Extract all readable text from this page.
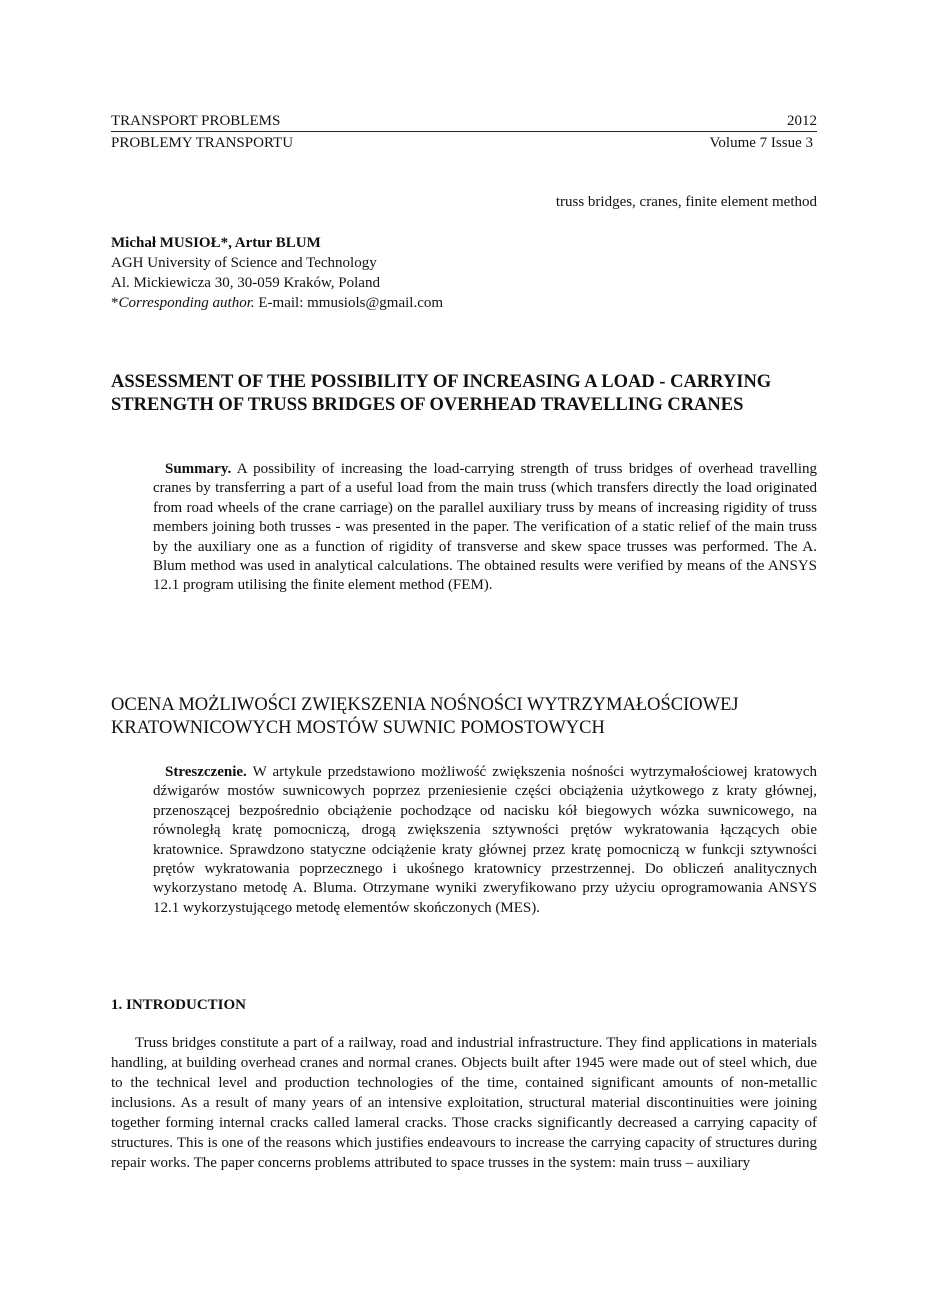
TRANSPORT PROBLEMS	2012
PROBLEMY TRANSPORTU	Volume 7 Issue 3
truss bridges, cranes, finite element method
Michał MUSIOŁ*, Artur BLUM
AGH University of Science and Technology
Al. Mickiewicza 30, 30-059 Kraków, Poland
*Corresponding author. E-mail: mmusiols@gmail.com
ASSESSMENT OF THE POSSIBILITY OF INCREASING A LOAD - CARRYING STRENGTH OF TRUSS BRIDGES OF OVERHEAD TRAVELLING CRANES

Summary. A possibility of increasing the load-carrying strength of truss bridges of overhead travelling cranes by transferring a part of a useful load from the main truss (which transfers directly the load originated from road wheels of the crane carriage) on the parallel auxiliary truss by means of increasing rigidity of truss members joining both trusses - was presented in the paper. The verification of a static relief of the main truss by the auxiliary one as a function of rigidity of transverse and skew space trusses was performed. The A. Blum method was used in analytical calculations. The obtained results were verified by means of the ANSYS 12.1 program utilising the finite element method (FEM).

OCENA MOŻLIWOŚCI ZWIĘKSZENIA NOŚNOŚCI WYTRZYMAŁOŚCIOWEJ KRATOWNICOWYCH MOSTÓW SUWNIC POMOSTOWYCH

Streszczenie. W artykule przedstawiono możliwość zwiększenia nośności wytrzymałościowej kratowych dźwigarów mostów suwnicowych poprzez przeniesienie części obciążenia użytkowego z kraty głównej, przenoszącej bezpośrednio obciążenie pochodzące od nacisku kół biegowych wózka suwnicowego, na równoległą kratę pomocniczą, drogą zwiększenia sztywności prętów wykratowania łączących obie kratownice. Sprawdzono statyczne odciążenie kraty głównej przez kratę pomocniczą w funkcji sztywności prętów wykratowania poprzecznego i ukośnego kratownicy przestrzennej. Do obliczeń analitycznych wykorzystano metodę A. Bluma. Otrzymane wyniki zweryfikowano przy użyciu oprogramowania ANSYS 12.1 wykorzystującego metodę elementów skończonych (MES).

1. INTRODUCTION

Truss bridges constitute a part of a railway, road and industrial infrastructure. They find applications in materials handling, at building overhead cranes and normal cranes. Objects built after 1945 were made out of steel which, due to the technical level and production technologies of the time, contained significant amounts of non-metallic inclusions. As a result of many years of an intensive exploitation, structural material discontinuities were joining together forming internal cracks called lameral cracks. Those cracks significantly decreased a carrying capacity of structures. This is one of the reasons which justifies endeavours to increase the carrying capacity of structures during repair works. The paper concerns problems attributed to space trusses in the system: main truss – auxiliary
